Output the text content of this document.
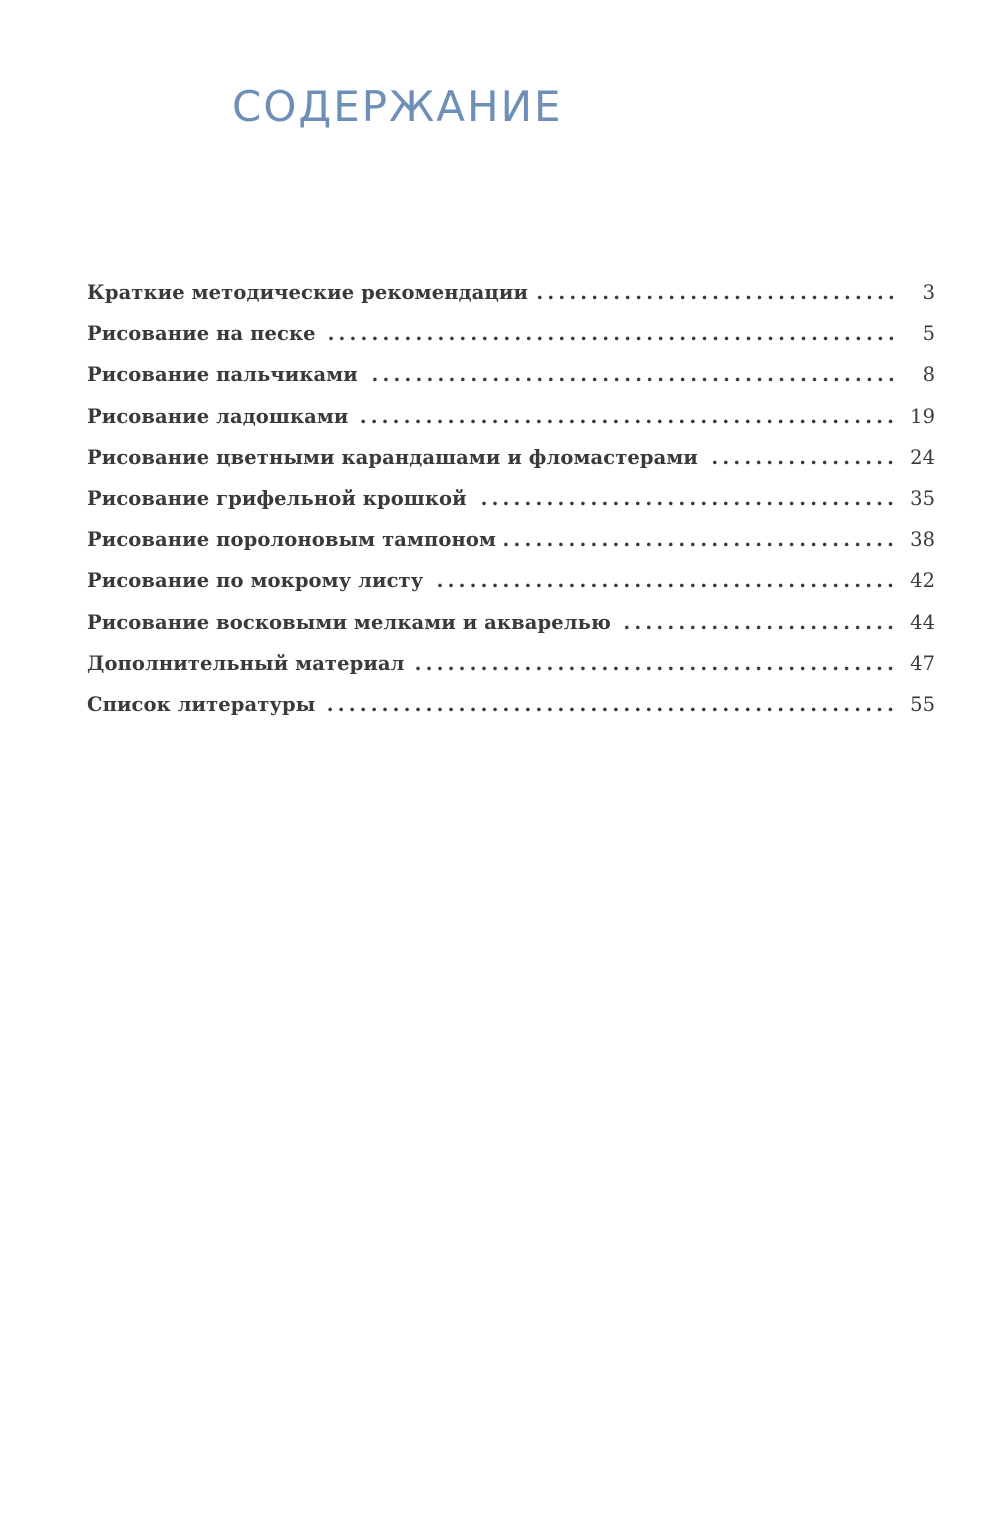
СОДЕРЖАНИЕ
Краткие методические рекомендации .....	3
Рисование на песке .....	5
Рисование пальчиками .....	8
Рисование ладошками .....	19
Рисование цветными карандашами и фломастерами .....	24
Рисование грифельной крошкой .....	35
Рисование поролоновым тампоном .....	38
Рисование по мокрому листу .....	42
Рисование восковыми мелками и акварелью .....	44
Дополнительный материал .....	47
Список литературы .....	55
